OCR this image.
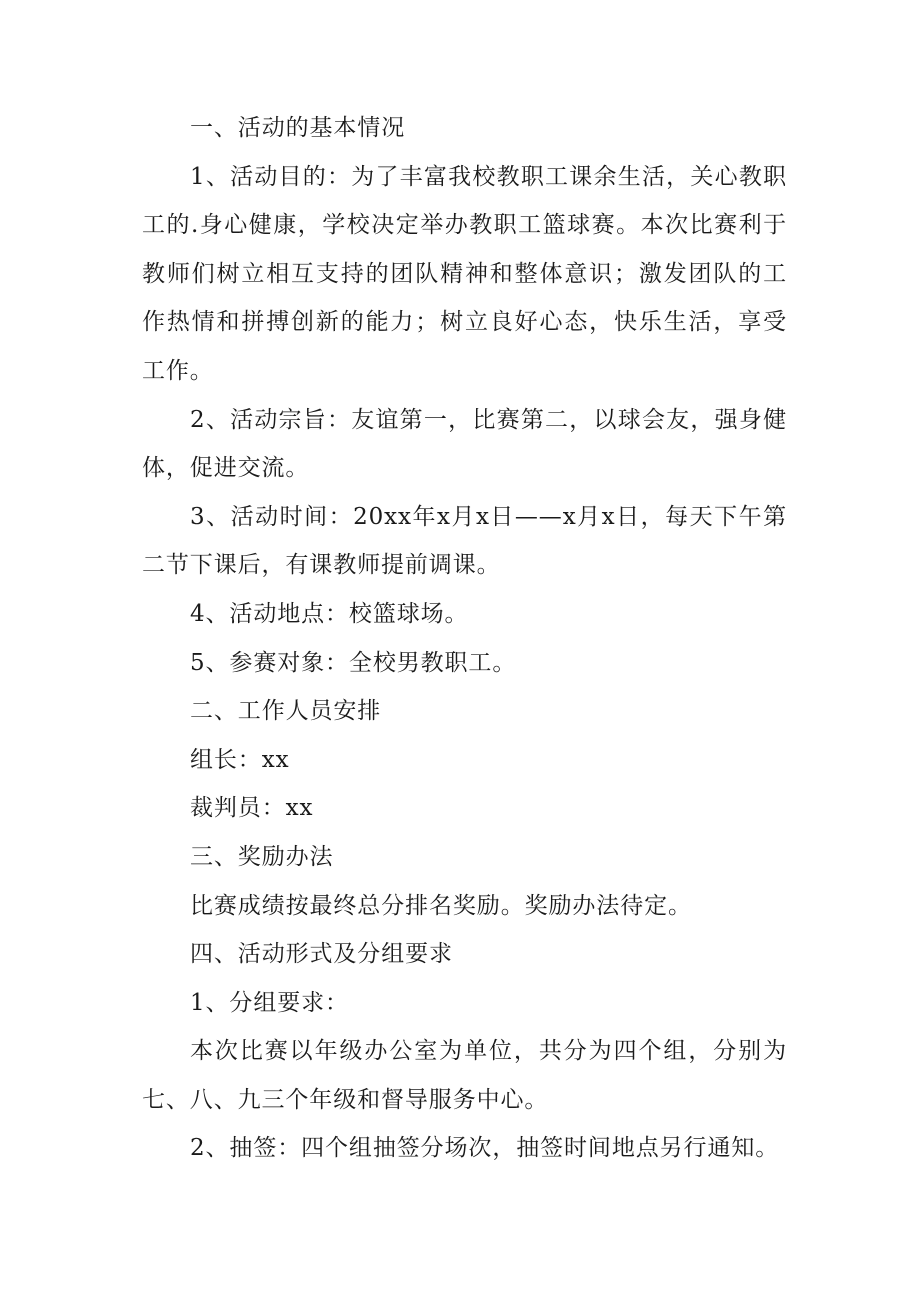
一、活动的基本情况

1、活动目的：为了丰富我校教职工课余生活，关心教职工的.身心健康，学校决定举办教职工篮球赛。本次比赛利于教师们树立相互支持的团队精神和整体意识；激发团队的工作热情和拼搏创新的能力；树立良好心态，快乐生活，享受工作。

2、活动宗旨：友谊第一，比赛第二，以球会友，强身健体，促进交流。

3、活动时间：20xx年x月x日——x月x日，每天下午第二节下课后，有课教师提前调课。

4、活动地点：校篮球场。

5、参赛对象：全校男教职工。

二、工作人员安排

组长：xx

裁判员：xx

三、奖励办法

比赛成绩按最终总分排名奖励。奖励办法待定。

四、活动形式及分组要求

1、分组要求：

本次比赛以年级办公室为单位，共分为四个组，分别为七、八、九三个年级和督导服务中心。

2、抽签：四个组抽签分场次，抽签时间地点另行通知。
